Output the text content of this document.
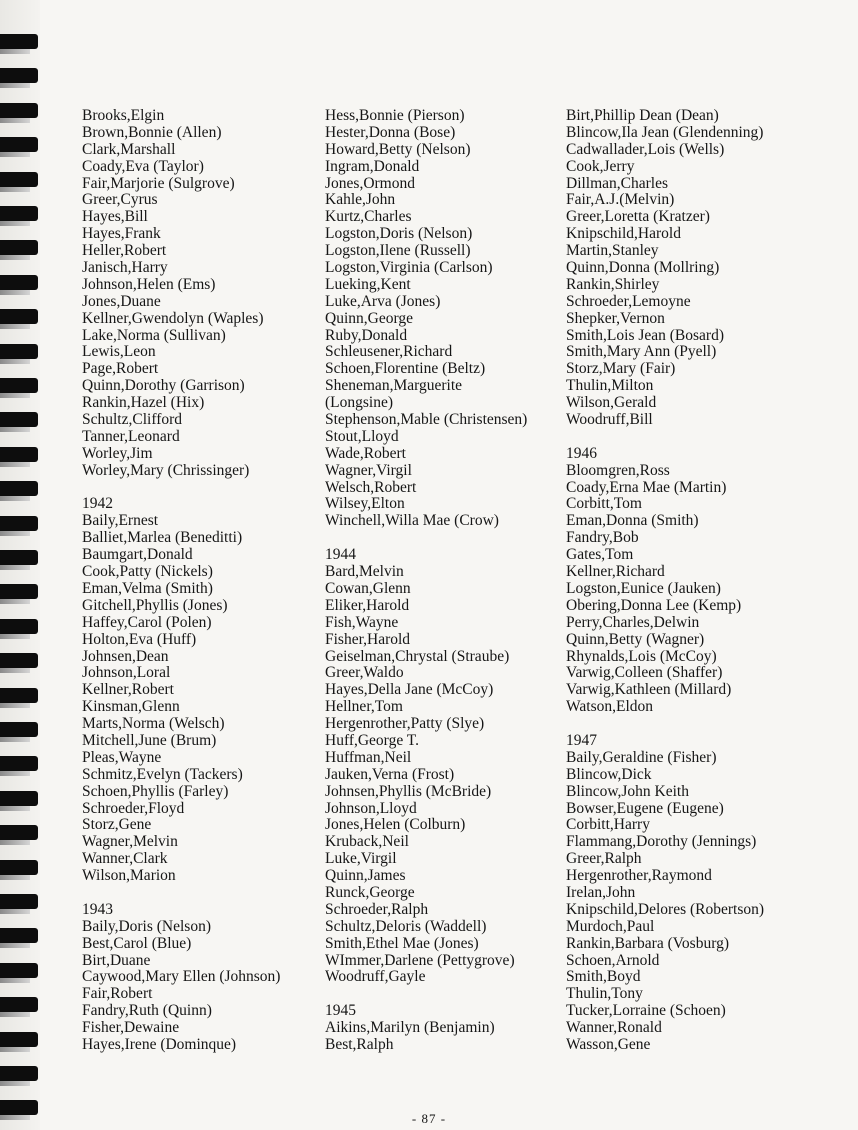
Brooks,Elgin
Brown,Bonnie (Allen)
Clark,Marshall
Coady,Eva (Taylor)
Fair,Marjorie (Sulgrove)
Greer,Cyrus
Hayes,Bill
Hayes,Frank
Heller,Robert
Janisch,Harry
Johnson,Helen (Ems)
Jones,Duane
Kellner,Gwendolyn (Waples)
Lake,Norma (Sullivan)
Lewis,Leon
Page,Robert
Quinn,Dorothy (Garrison)
Rankin,Hazel (Hix)
Schultz,Clifford
Tanner,Leonard
Worley,Jim
Worley,Mary (Chrissinger)
1942
Baily,Ernest
Balliet,Marlea (Beneditti)
Baumgart,Donald
Cook,Patty (Nickels)
Eman,Velma (Smith)
Gitchell,Phyllis (Jones)
Haffey,Carol (Polen)
Holton,Eva (Huff)
Johnsen,Dean
Johnson,Loral
Kellner,Robert
Kinsman,Glenn
Marts,Norma (Welsch)
Mitchell,June (Brum)
Pleas,Wayne
Schmitz,Evelyn (Tackers)
Schoen,Phyllis (Farley)
Schroeder,Floyd
Storz,Gene
Wagner,Melvin
Wanner,Clark
Wilson,Marion
1943
Baily,Doris (Nelson)
Best,Carol (Blue)
Birt,Duane
Caywood,Mary Ellen (Johnson)
Fair,Robert
Fandry,Ruth (Quinn)
Fisher,Dewaine
Hayes,Irene (Dominque)
Hess,Bonnie (Pierson)
Hester,Donna (Bose)
Howard,Betty (Nelson)
Ingram,Donald
Jones,Ormond
Kahle,John
Kurtz,Charles
Logston,Doris (Nelson)
Logston,Ilene (Russell)
Logston,Virginia (Carlson)
Lueking,Kent
Luke,Arva (Jones)
Quinn,George
Ruby,Donald
Schleusener,Richard
Schoen,Florentine (Beltz)
Sheneman,Marguerite
(Longsine)
Stephenson,Mable (Christensen)
Stout,Lloyd
Wade,Robert
Wagner,Virgil
Welsch,Robert
Wilsey,Elton
Winchell,Willa Mae (Crow)
1944
Bard,Melvin
Cowan,Glenn
Eliker,Harold
Fish,Wayne
Fisher,Harold
Geiselman,Chrystal (Straube)
Greer,Waldo
Hayes,Della Jane (McCoy)
Hellner,Tom
Hergenrother,Patty (Slye)
Huff,George T.
Huffman,Neil
Jauken,Verna (Frost)
Johnsen,Phyllis (McBride)
Johnson,Lloyd
Jones,Helen (Colburn)
Kruback,Neil
Luke,Virgil
Quinn,James
Runck,George
Schroeder,Ralph
Schultz,Deloris (Waddell)
Smith,Ethel Mae (Jones)
WImmer,Darlene (Pettygrove)
Woodruff,Gayle
1945
Aikins,Marilyn (Benjamin)
Best,Ralph
Birt,Phillip Dean (Dean)
Blincow,Ila Jean (Glendenning)
Cadwallader,Lois (Wells)
Cook,Jerry
Dillman,Charles
Fair,A.J.(Melvin)
Greer,Loretta (Kratzer)
Knipschild,Harold
Martin,Stanley
Quinn,Donna (Mollring)
Rankin,Shirley
Schroeder,Lemoyne
Shepker,Vernon
Smith,Lois Jean (Bosard)
Smith,Mary Ann (Pyell)
Storz,Mary (Fair)
Thulin,Milton
Wilson,Gerald
Woodruff,Bill
1946
Bloomgren,Ross
Coady,Erna Mae (Martin)
Corbitt,Tom
Eman,Donna (Smith)
Fandry,Bob
Gates,Tom
Kellner,Richard
Logston,Eunice (Jauken)
Obering,Donna Lee (Kemp)
Perry,Charles,Delwin
Quinn,Betty (Wagner)
Rhynalds,Lois (McCoy)
Varwig,Colleen (Shaffer)
Varwig,Kathleen (Millard)
Watson,Eldon
1947
Baily,Geraldine (Fisher)
Blincow,Dick
Blincow,John Keith
Bowser,Eugene (Eugene)
Corbitt,Harry
Flammang,Dorothy (Jennings)
Greer,Ralph
Hergenrother,Raymond
Irelan,John
Knipschild,Delores (Robertson)
Murdoch,Paul
Rankin,Barbara (Vosburg)
Schoen,Arnold
Smith,Boyd
Thulin,Tony
Tucker,Lorraine (Schoen)
Wanner,Ronald
Wasson,Gene
- 87 -
